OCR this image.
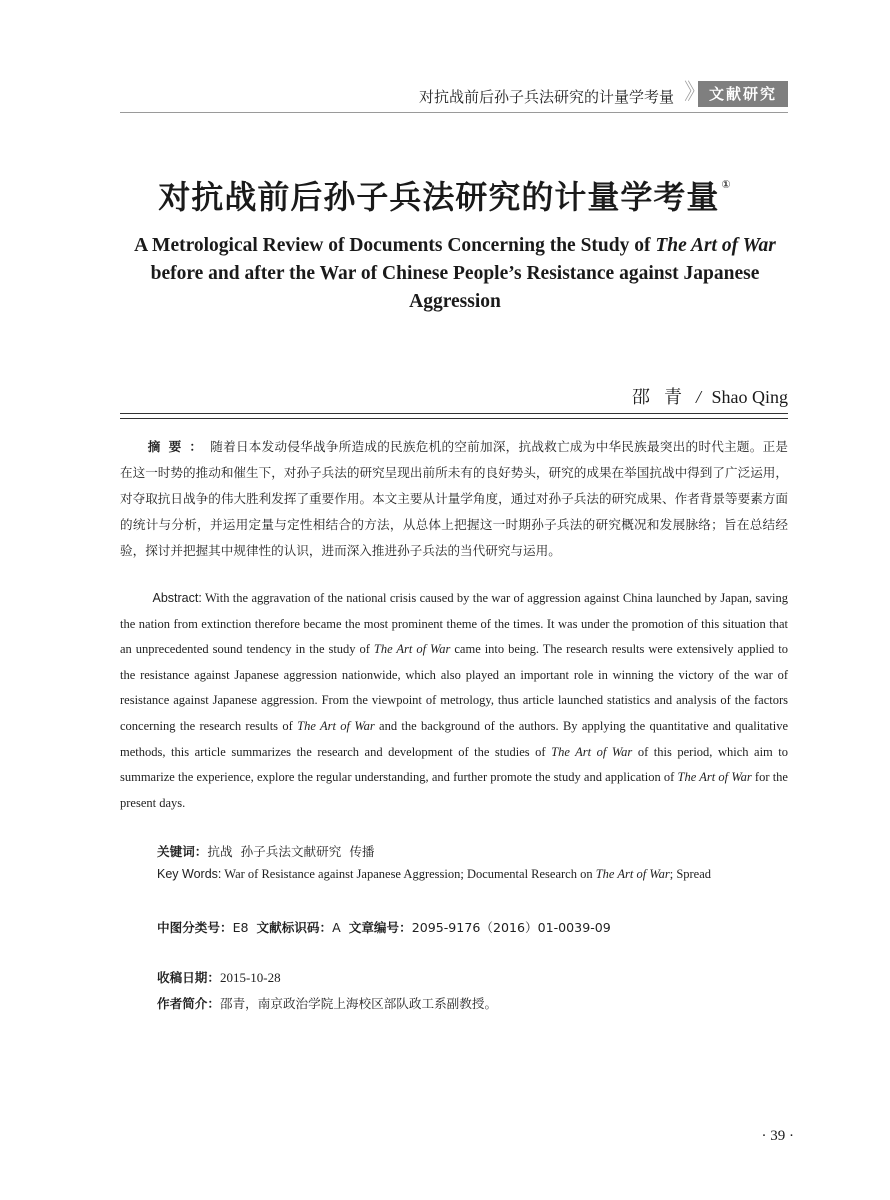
对抗战前后孙子兵法研究的计量学考量 》 文献研究
对抗战前后孙子兵法研究的计量学考量 ①
A Metrological Review of Documents Concerning the Study of The Art of War
before and after the War of Chinese People’s Resistance against Japanese
Aggression
邵青/ Shao Qing

摘要：随着日本发动侵华战争所造成的民族危机的空前加深，抗战救亡成为中华民族最突出的时代主题。正是在这一时势的推动和催生下，对孙子兵法的研究呈现出前所未有的良好势头，研究的成果在举国抗战中得到了广泛运用，对夺取抗日战争的伟大胜利发挥了重要作用。本文主要从计量学角度，通过对孙子兵法的研究成果、作者背景等要素方面的统计与分析，并运用定量与定性相结合的方法，从总体上把握这一时期孙子兵法的研究概况和发展脉络；旨在总结经验，探讨并把握其中规律性的认识，进而深入推进孙子兵法的当代研究与运用。

Abstract: With the aggravation of the national crisis caused by the war of aggression against China launched by Japan, saving the nation from extinction therefore became the most prominent theme of the times. It was under the promotion of this situation that an unprecedented sound tendency in the study of The Art of War came into being. The research results were extensively applied to the resistance against Japanese aggression nationwide, which also played an important role in winning the victory of the war of resistance against Japanese aggression. From the viewpoint of metrology, thus article launched statistics and analysis of the factors concerning the research results of The Art of War and the background of the authors. By applying the quantitative and qualitative methods, this article summarizes the research and development of the studies of The Art of War of this period, which aim to summarize the experience, explore the regular understanding, and further promote the study and application of The Art of War for the present days.

关键词：抗战  孙子兵法文献研究  传播
Key Words: War of Resistance against Japanese Aggression; Documental Research on The Art of War; Spread
中图分类号：E8 文献标识码：A 文章编号：2095-9176（2016）01-0039-09
收稿日期：2015-10-28
作者简介：邵青，南京政治学院上海校区部队政工系副教授。
· 39 ·
